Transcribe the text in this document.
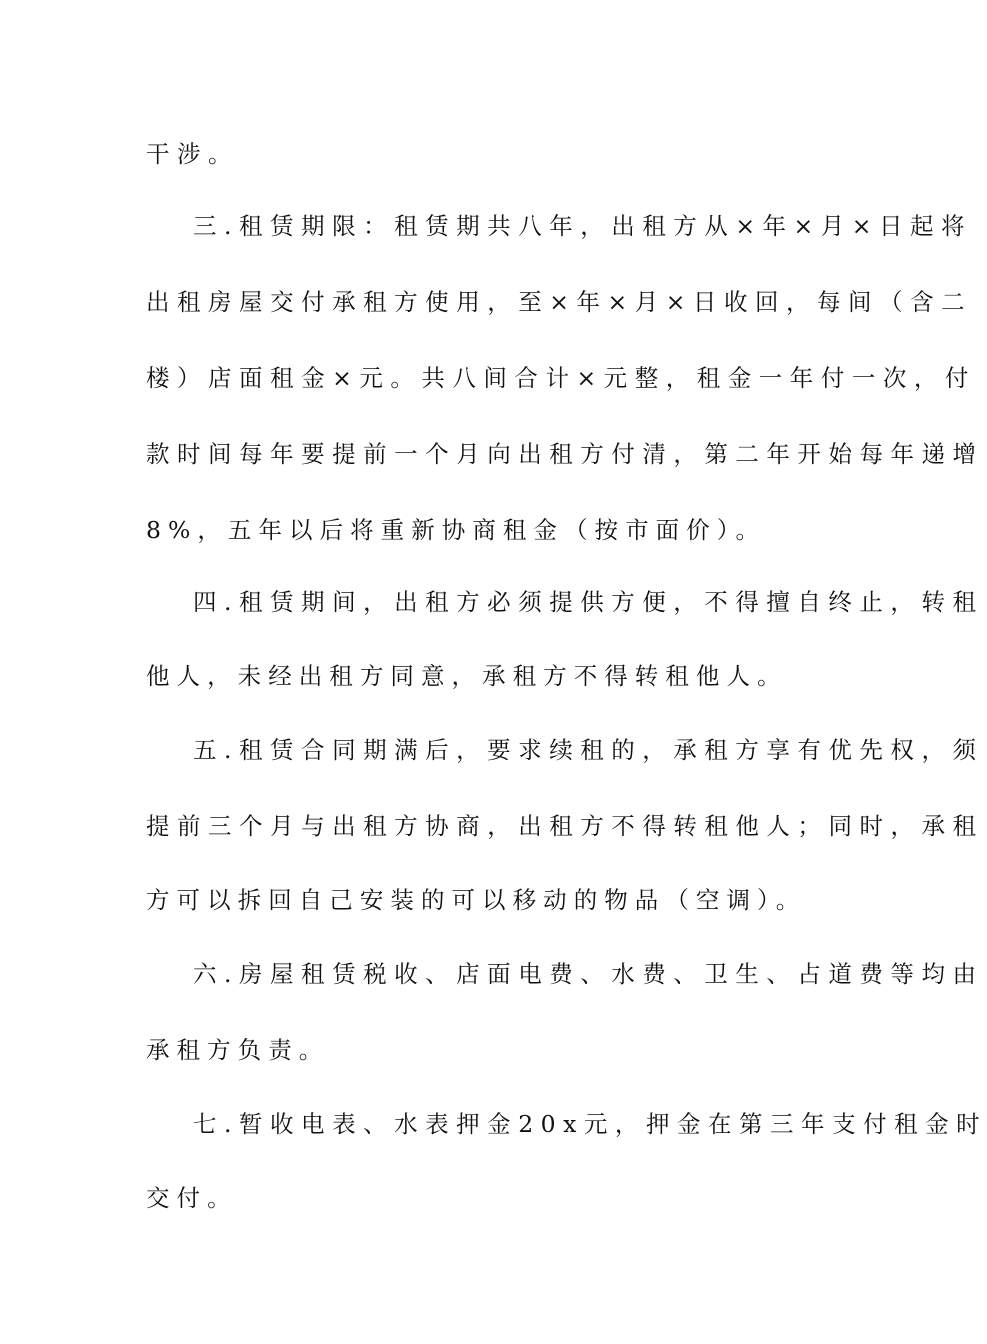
干涉。
三.租赁期限：租赁期共八年，出租方从×年×月×日起将
出租房屋交付承租方使用，至×年×月×日收回，每间（含二
楼）店面租金×元。共八间合计×元整，租金一年付一次，付
款时间每年要提前一个月向出租方付清，第二年开始每年递增
8%，五年以后将重新协商租金（按市面价）。
四.租赁期间，出租方必须提供方便，不得擅自终止，转租
他人，未经出租方同意，承租方不得转租他人。
五.租赁合同期满后，要求续租的，承租方享有优先权，须
提前三个月与出租方协商，出租方不得转租他人；同时，承租
方可以拆回自己安装的可以移动的物品（空调）。
六.房屋租赁税收、店面电费、水费、卫生、占道费等均由
承租方负责。
七.暂收电表、水表押金20x元，押金在第三年支付租金时
交付。
